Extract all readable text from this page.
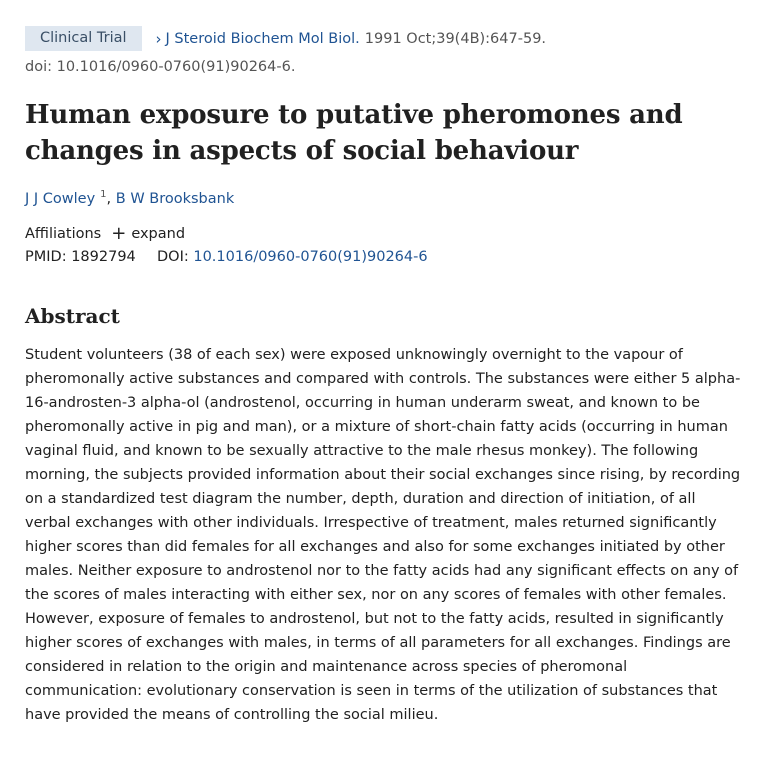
Clinical Trial	› J Steroid Biochem Mol Biol. 1991 Oct;39(4B):647-59.
doi: 10.1016/0960-0760(91)90264-6.
Human exposure to putative pheromones and changes in aspects of social behaviour
J J Cowley $^1$, B W Brooksbank
Affiliations + expand
PMID: 1892794 DOI: 10.1016/0960-0760(91)90264-6
Abstract
Student volunteers (38 of each sex) were exposed unknowingly overnight to the vapour of pheromonally active substances and compared with controls. The substances were either 5 alpha-16-androsten-3 alpha-ol (androstenol, occurring in human underarm sweat, and known to be pheromonally active in pig and man), or a mixture of short-chain fatty acids (occurring in human vaginal fluid, and known to be sexually attractive to the male rhesus monkey). The following morning, the subjects provided information about their social exchanges since rising, by recording on a standardized test diagram the number, depth, duration and direction of initiation, of all verbal exchanges with other individuals. Irrespective of treatment, males returned significantly higher scores than did females for all exchanges and also for some exchanges initiated by other males. Neither exposure to androstenol nor to the fatty acids had any significant effects on any of the scores of males interacting with either sex, nor on any scores of females with other females. However, exposure of females to androstenol, but not to the fatty acids, resulted in significantly higher scores of exchanges with males, in terms of all parameters for all exchanges. Findings are considered in relation to the origin and maintenance across species of pheromonal communication: evolutionary conservation is seen in terms of the utilization of substances that have provided the means of controlling the social milieu.
